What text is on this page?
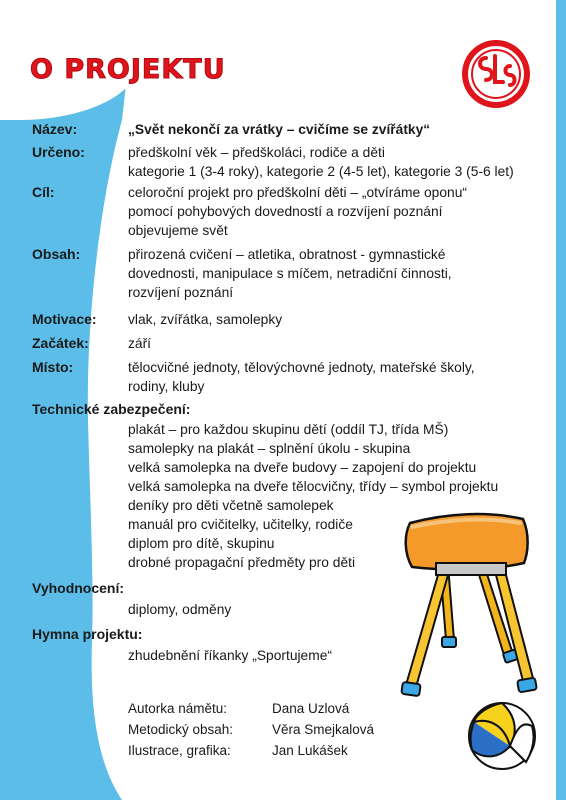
O PROJEKTU
Název:	„Svět nekončí za vrátky – cvičíme se zvířátky“
Určeno:	předškolní věk – předškoláci, rodiče a děti
kategorie 1 (3-4 roky), kategorie 2 (4-5 let), kategorie 3 (5-6 let)
Cíl:	celoroční projekt pro předškolní děti – „otvíráme oponu“
pomocí pohybových dovedností a rozvíjení poznání
objevujeme svět
Obsah:	přirozená cvičení – atletika, obratnost - gymnastické
dovednosti, manipulace s míčem, netradiční činnosti,
rozvíjení poznání
Motivace: vlak, zvířátka, samolepky
Začátek:	září
Místo:	tělocvičné jednoty, tělovýchovné jednoty, mateřské školy,
rodiny, kluby
Technické zabezpečení:
plakát – pro každou skupinu dětí (oddíl TJ, třída MŠ)
samolepky na plakát – splnění úkolu - skupina
velká samolepka na dveře budovy – zapojení do projektu
velká samolepka na dveře tělocvičny, třídy – symbol projektu
deníky pro děti včetně samolepek
manuál pro cvičitelky, učitelky, rodiče
diplom pro dítě, skupinu
drobné propagační předměty pro děti
Vyhodnocení:
diplomy, odměny
Hymna projektu:
zhudebnění říkanky „Sportujeme“
Autorka námětu:	Dana Uzlová
Metodický obsah:	Věra Smejkalová
Ilustrace, grafika:	Jan Lukášek
